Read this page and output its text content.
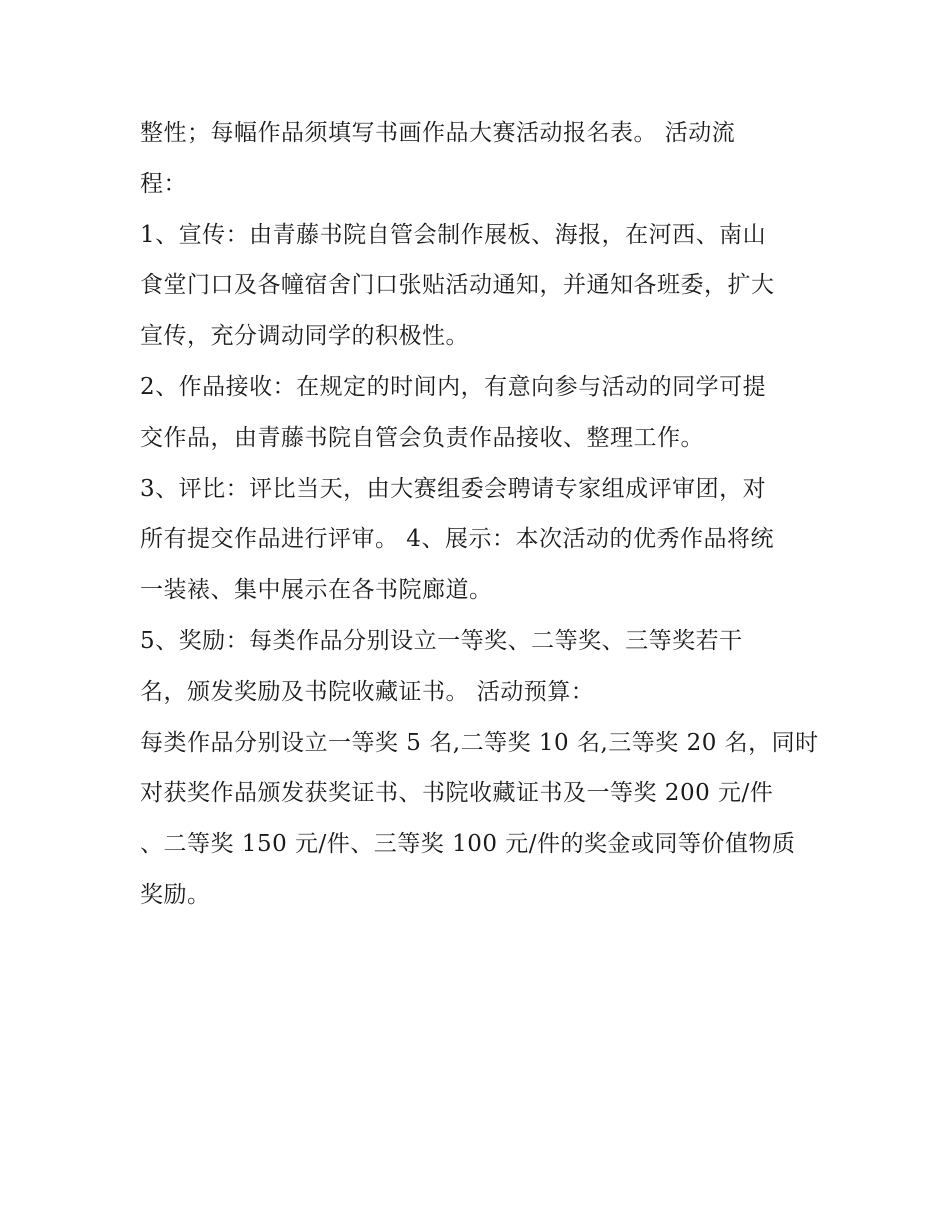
整性；每幅作品须填写书画作品大赛活动报名表。 活动流
程：
1、宣传：由青藤书院自管会制作展板、海报，在河西、南山
食堂门口及各幢宿舍门口张贴活动通知，并通知各班委，扩大
宣传，充分调动同学的积极性。
2、作品接收：在规定的时间内，有意向参与活动的同学可提
交作品，由青藤书院自管会负责作品接收、整理工作。
3、评比：评比当天，由大赛组委会聘请专家组成评审团，对
所有提交作品进行评审。 4、展示：本次活动的优秀作品将统
一装裱、集中展示在各书院廊道。
5、奖励：每类作品分别设立一等奖、二等奖、三等奖若干
名，颁发奖励及书院收藏证书。 活动预算：
每类作品分别设立一等奖 5 名,二等奖 10 名,三等奖 20 名，同时
对获奖作品颁发获奖证书、书院收藏证书及一等奖 200 元/件
、二等奖 150 元/件、三等奖 100 元/件的奖金或同等价值物质
奖励。
